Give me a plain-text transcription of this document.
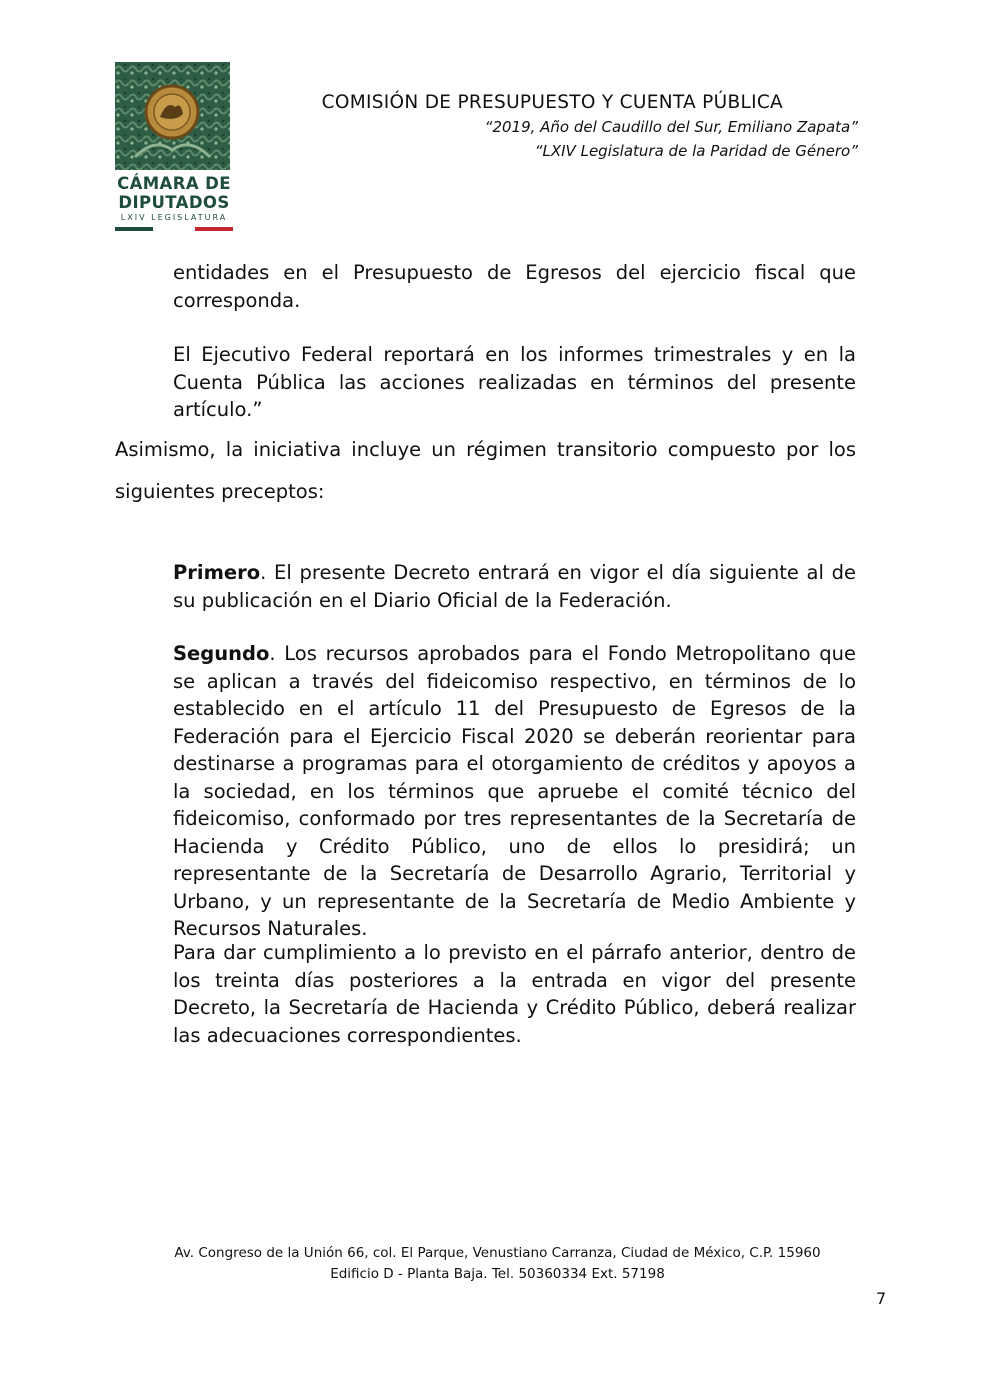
CÁMARA DE
DIPUTADOS
LXIV LEGISLATURA
COMISIÓN DE PRESUPUESTO Y CUENTA PÚBLICA
“2019, Año del Caudillo del Sur, Emiliano Zapata”
“LXIV Legislatura de la Paridad de Género”
entidades en el Presupuesto de Egresos del ejercicio fiscal que corresponda.
El Ejecutivo Federal reportará en los informes trimestrales y en la Cuenta Pública las acciones realizadas en términos del presente artículo.”
Asimismo, la iniciativa incluye un régimen transitorio compuesto por los siguientes preceptos:
Primero. El presente Decreto entrará en vigor el día siguiente al de su publicación en el Diario Oficial de la Federación.
Segundo. Los recursos aprobados para el Fondo Metropolitano que se aplican a través del fideicomiso respectivo, en términos de lo establecido en el artículo 11 del Presupuesto de Egresos de la Federación para el Ejercicio Fiscal 2020 se deberán reorientar para destinarse a programas para el otorgamiento de créditos y apoyos a la sociedad, en los términos que apruebe el comité técnico del fideicomiso, conformado por tres representantes de la Secretaría de Hacienda y Crédito Público, uno de ellos lo presidirá; un representante de la Secretaría de Desarrollo Agrario, Territorial y Urbano, y un representante de la Secretaría de Medio Ambiente y Recursos Naturales.
Para dar cumplimiento a lo previsto en el párrafo anterior, dentro de los treinta días posteriores a la entrada en vigor del presente Decreto, la Secretaría de Hacienda y Crédito Público, deberá realizar las adecuaciones correspondientes.
Av. Congreso de la Unión 66, col. El Parque, Venustiano Carranza, Ciudad de México, C.P. 15960
Edificio D - Planta Baja. Tel. 50360334 Ext. 57198
7
